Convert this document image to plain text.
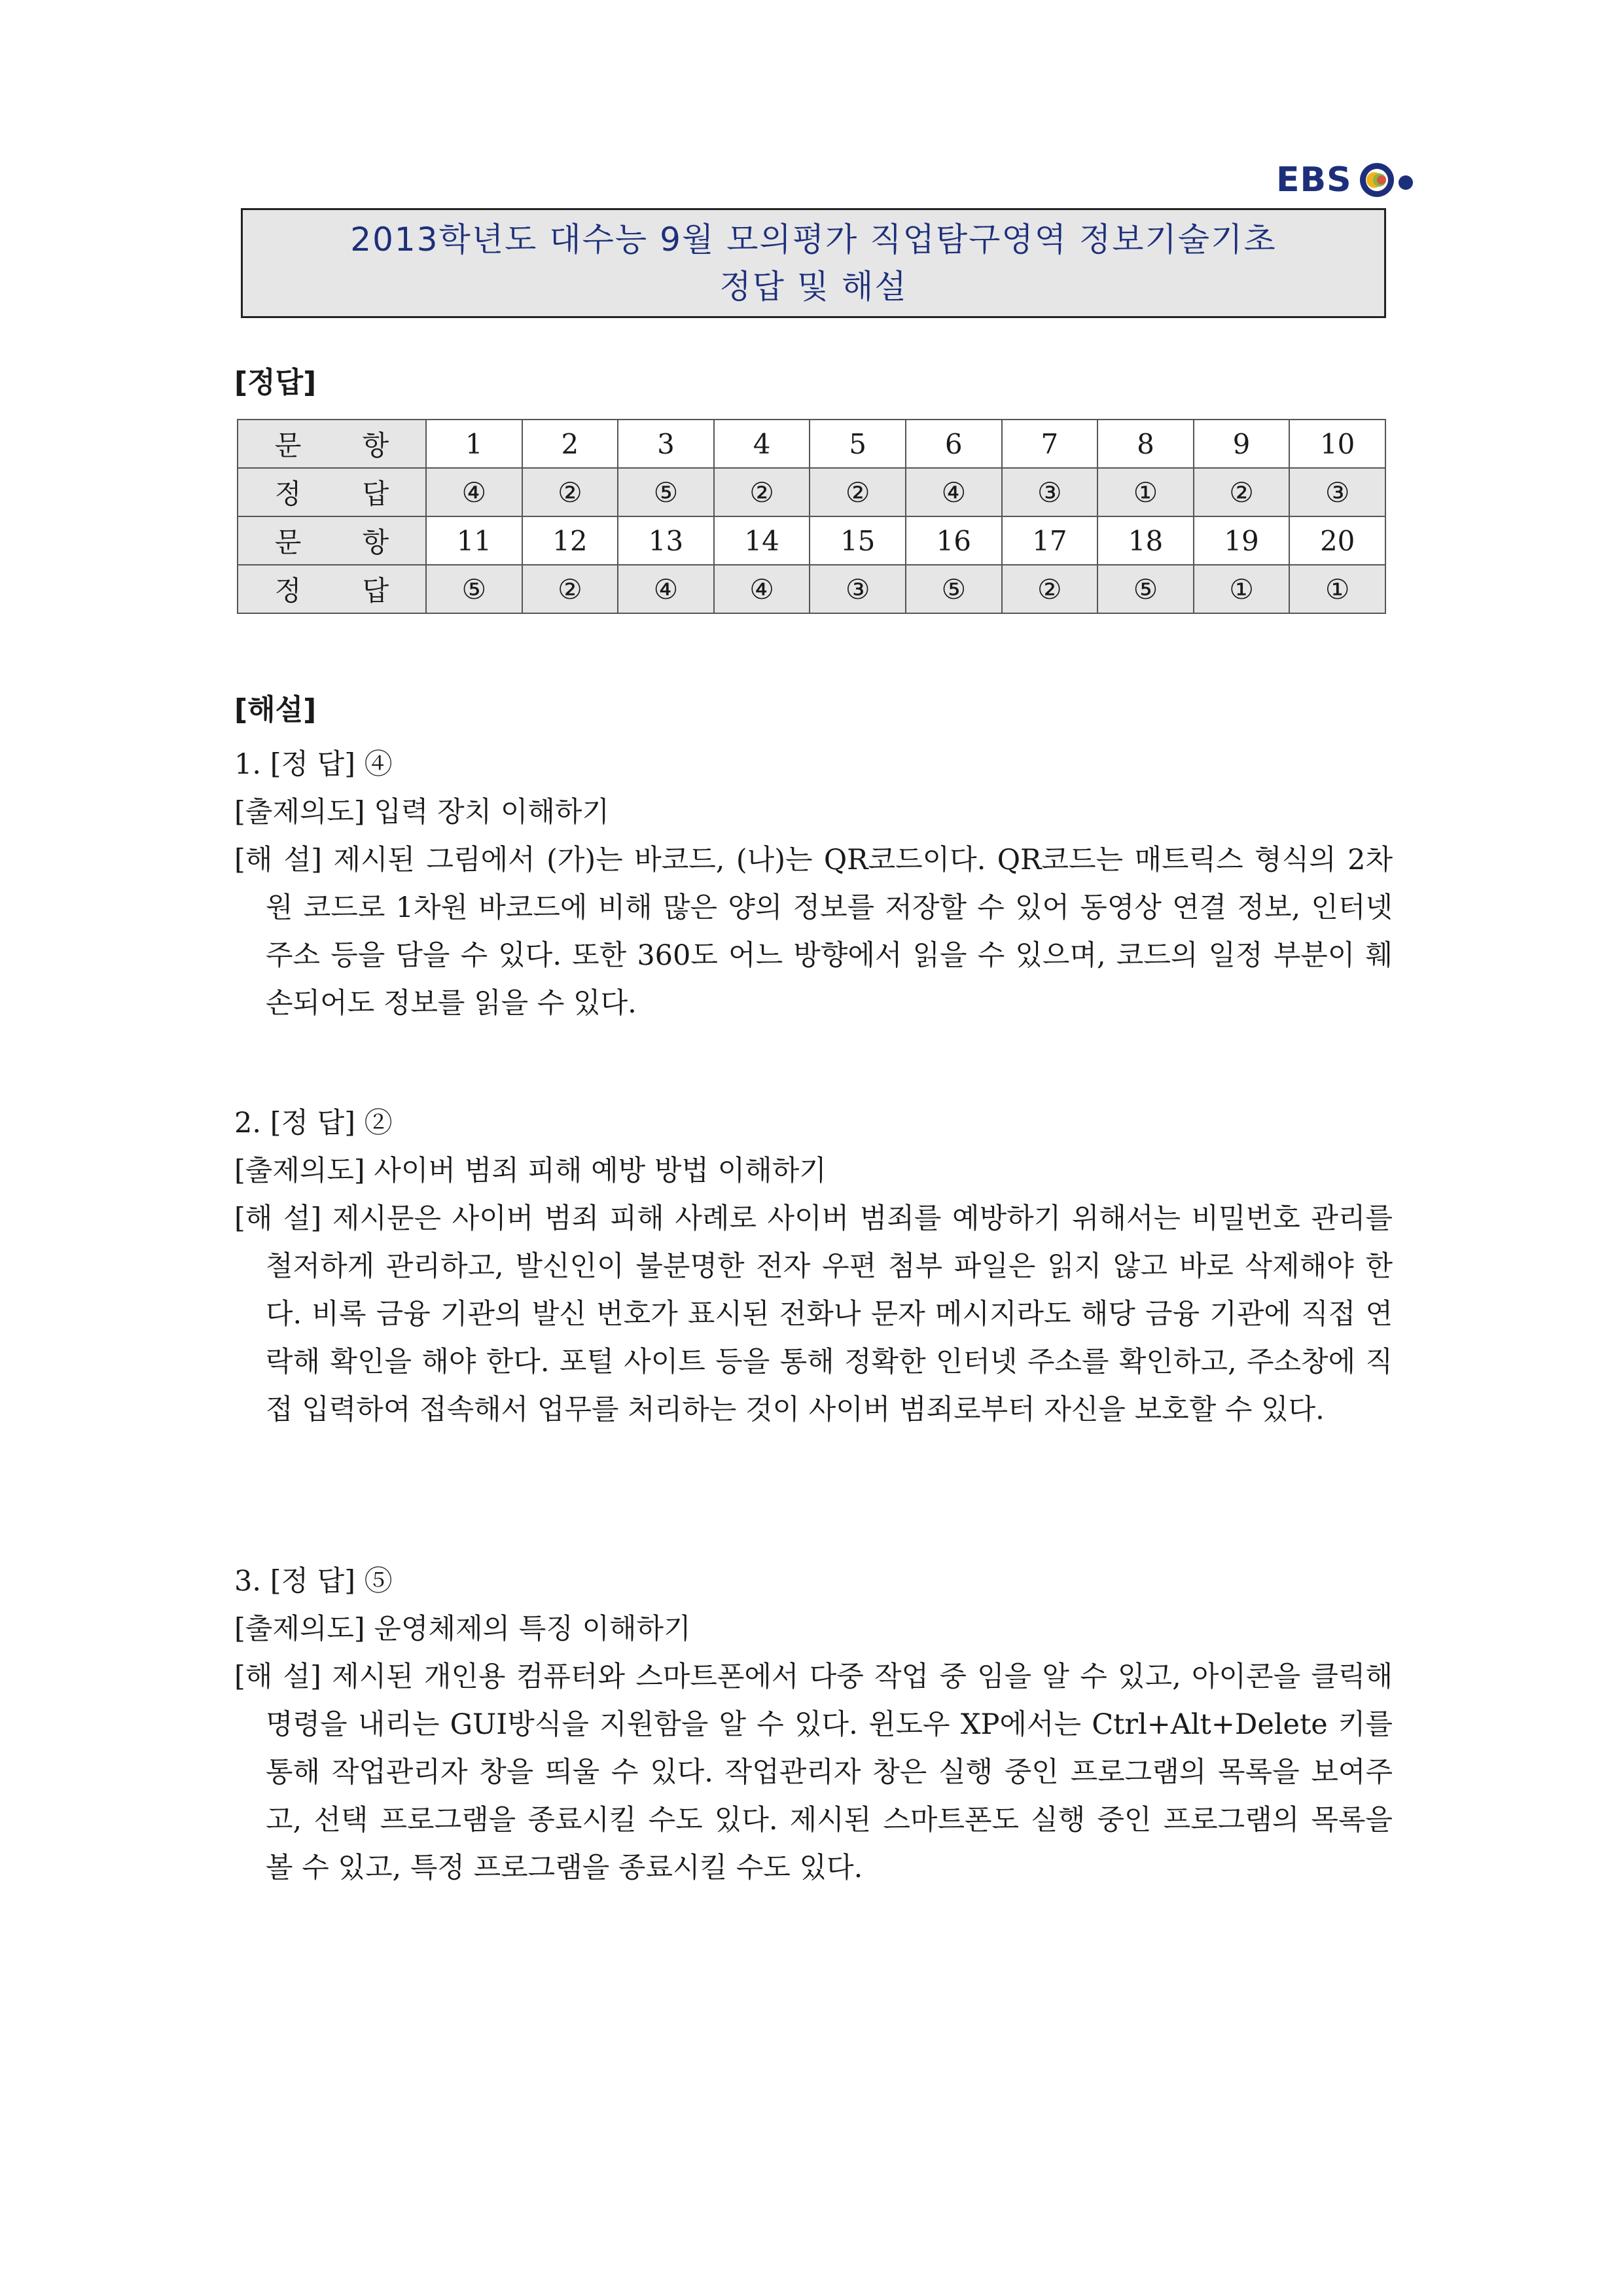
EBS
2013학년도 대수능 9월 모의평가 직업탐구영역 정보기술기초
정답 및 해설
[정답]
문 항	1	2	3	4	5	6	7	8	9	10
정 답	④	②	⑤	②	②	④	③	①	②	③
문 항	11	12	13	14	15	16	17	18	19	20
정 답	⑤	②	④	④	③	⑤	②	⑤	①	①
[해설]
1. [정 답] ④
[출제의도] 입력 장치 이해하기
[해 설] 제시된 그림에서 (가)는 바코드, (나)는 QR코드이다. QR코드는 매트릭스 형식의 2차원 코드로 1차원 바코드에 비해 많은 양의 정보를 저장할 수 있어 동영상 연결 정보, 인터넷 주소 등을 담을 수 있다. 또한 360도 어느 방향에서 읽을 수 있으며, 코드의 일정 부분이 훼손되어도 정보를 읽을 수 있다.
2. [정 답] ②
[출제의도] 사이버 범죄 피해 예방 방법 이해하기
[해 설] 제시문은 사이버 범죄 피해 사례로 사이버 범죄를 예방하기 위해서는 비밀번호 관리를 철저하게 관리하고, 발신인이 불분명한 전자 우편 첨부 파일은 읽지 않고 바로 삭제해야 한다. 비록 금융 기관의 발신 번호가 표시된 전화나 문자 메시지라도 해당 금융 기관에 직접 연락해 확인을 해야 한다. 포털 사이트 등을 통해 정확한 인터넷 주소를 확인하고, 주소창에 직접 입력하여 접속해서 업무를 처리하는 것이 사이버 범죄로부터 자신을 보호할 수 있다.
3. [정 답] ⑤
[출제의도] 운영체제의 특징 이해하기
[해 설] 제시된 개인용 컴퓨터와 스마트폰에서 다중 작업 중 임을 알 수 있고, 아이콘을 클릭해 명령을 내리는 GUI방식을 지원함을 알 수 있다. 윈도우 XP에서는 Ctrl+Alt+Delete 키를 통해 작업관리자 창을 띄울 수 있다. 작업관리자 창은 실행 중인 프로그램의 목록을 보여주고, 선택 프로그램을 종료시킬 수도 있다. 제시된 스마트폰도 실행 중인 프로그램의 목록을 볼 수 있고, 특정 프로그램을 종료시킬 수도 있다.
